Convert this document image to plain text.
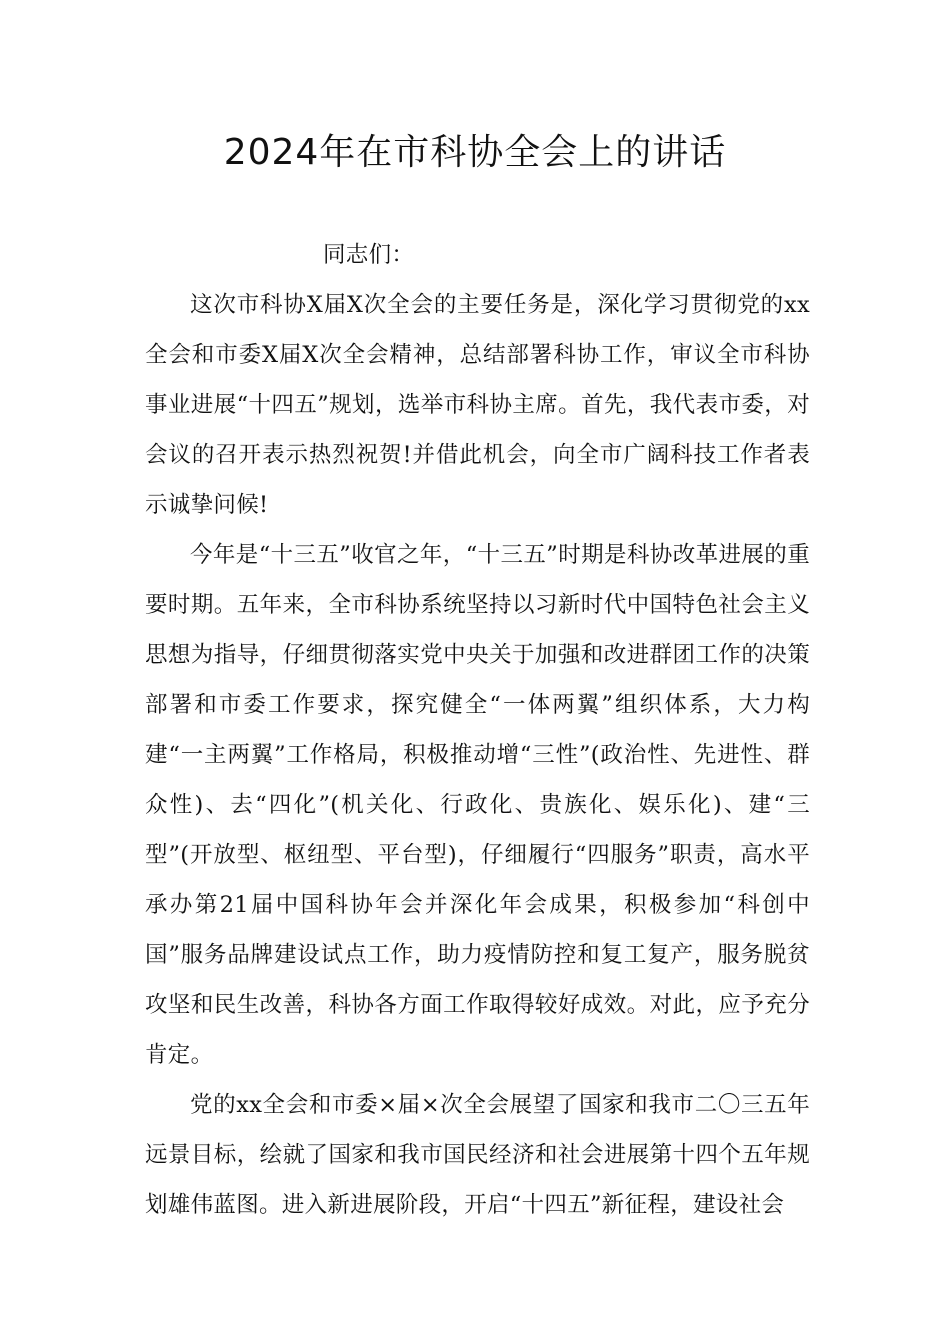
2024年在市科协全会上的讲话

同志们：

这次市科协X届X次全会的主要任务是，深化学习贯彻党的xx全会和市委X届X次全会精神，总结部署科协工作，审议全市科协事业进展“十四五”规划，选举市科协主席。首先，我代表市委，对会议的召开表示热烈祝贺!并借此机会，向全市广阔科技工作者表示诚挚问候!

今年是“十三五”收官之年，“十三五”时期是科协改革进展的重要时期。五年来，全市科协系统坚持以习新时代中国特色社会主义思想为指导，仔细贯彻落实党中央关于加强和改进群团工作的决策部署和市委工作要求，探究健全“一体两翼”组织体系，大力构建“一主两翼”工作格局，积极推动增“三性”(政治性、先进性、群众性)、去“四化”(机关化、行政化、贵族化、娱乐化)、建“三型”(开放型、枢纽型、平台型)，仔细履行“四服务”职责，高水平承办第21届中国科协年会并深化年会成果，积极参加“科创中国”服务品牌建设试点工作，助力疫情防控和复工复产，服务脱贫攻坚和民生改善，科协各方面工作取得较好成效。对此，应予充分肯定。

党的xx全会和市委×届×次全会展望了国家和我市二〇三五年远景目标，绘就了国家和我市国民经济和社会进展第十四个五年规划雄伟蓝图。进入新进展阶段，开启“十四五”新征程，建设社会
